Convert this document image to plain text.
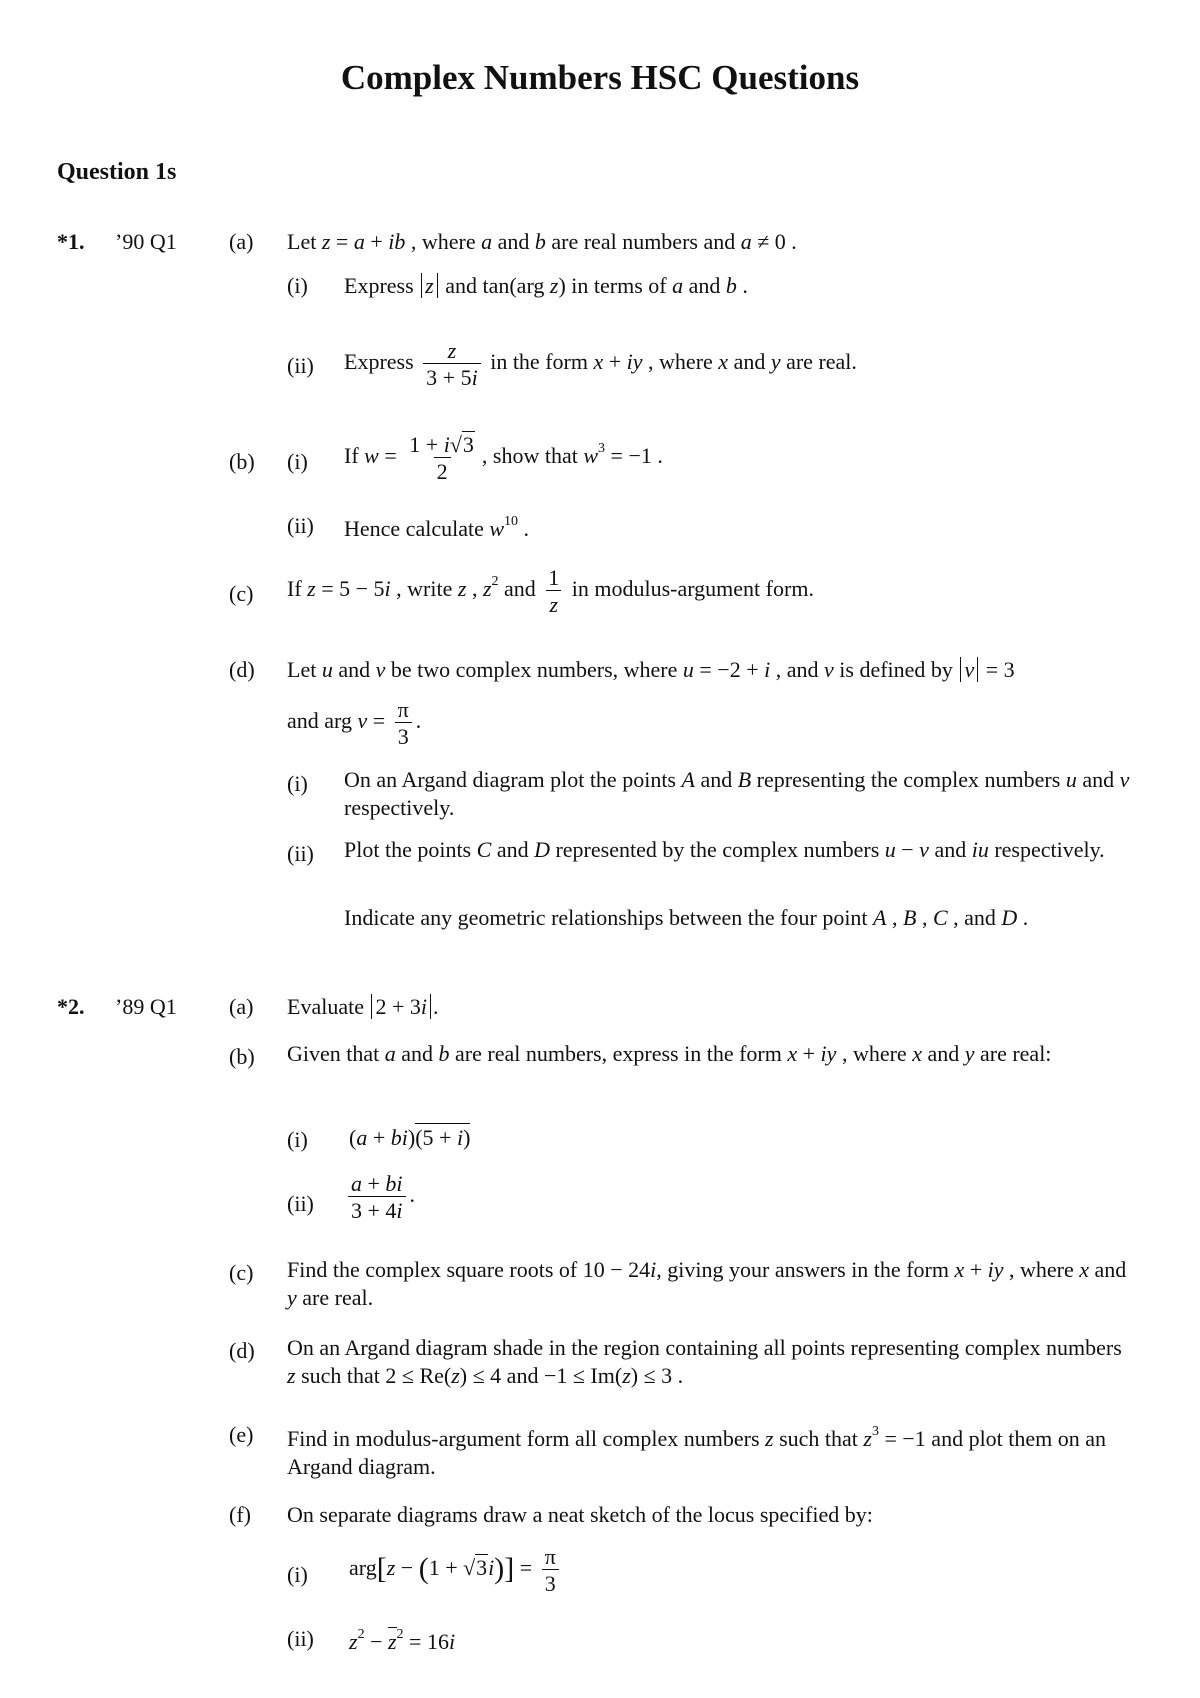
Complex Numbers HSC Questions
Question 1s
*1. ’90 Q1 (a) Let z = a + ib , where a and b are real numbers and a ≠ 0 .
(i) Express z and tan(arg z) in terms of a and b .
(ii) Express $\frac{z}{3 + 5i}$ in the form x + iy , where x and y are real.
(b) (i) If $w = \frac{1 + i√3}{2}$ , show that $w^3 = -1$ .
(ii) Hence calculate $w^{10}$ .
(c) If z = 5 − 5i , write z , $z^2$ and $\frac{1}{z}$ in modulus-argument form.
(d) Let u and v be two complex numbers, where u = −2 + i , and v is defined by v = 3
and arg $v = \frac{\pi}{3}$ .
(i) On an Argand diagram plot the points A and B representing the complex numbers u and v respectively.
(ii) Plot the points C and D represented by the complex numbers u − v and iu respectively.
Indicate any geometric relationships between the four point A , B , C , and D .
*2. ’89 Q1 (a) Evaluate 2 + 3i .
(b) Given that a and b are real numbers, express in the form x + iy , where x and y are real:
(i) (a + bi)(5 + i)
$(ii) \frac{a + bi}{3 + 4i}$ .
(c) Find the complex square roots of 10 − 24i, giving your answers in the form x + iy , where x and y are real.
(d) On an Argand diagram shade in the region containing all points representing complex numbers z such that 2 ≤ Re(z) ≤ 4 and −1 ≤ Im(z) ≤ 3 .
(e) Find in modulus-argument form all complex numbers z such that $z^3 = -1$ and plot them on an Argand diagram.
(f) On separate diagrams draw a neat sketch of the locus specified by:
(i) $arg[z - (1 + √3i)] = \frac{\pi}{3}$
(ii) $z^2 - z^2 = 16i$
